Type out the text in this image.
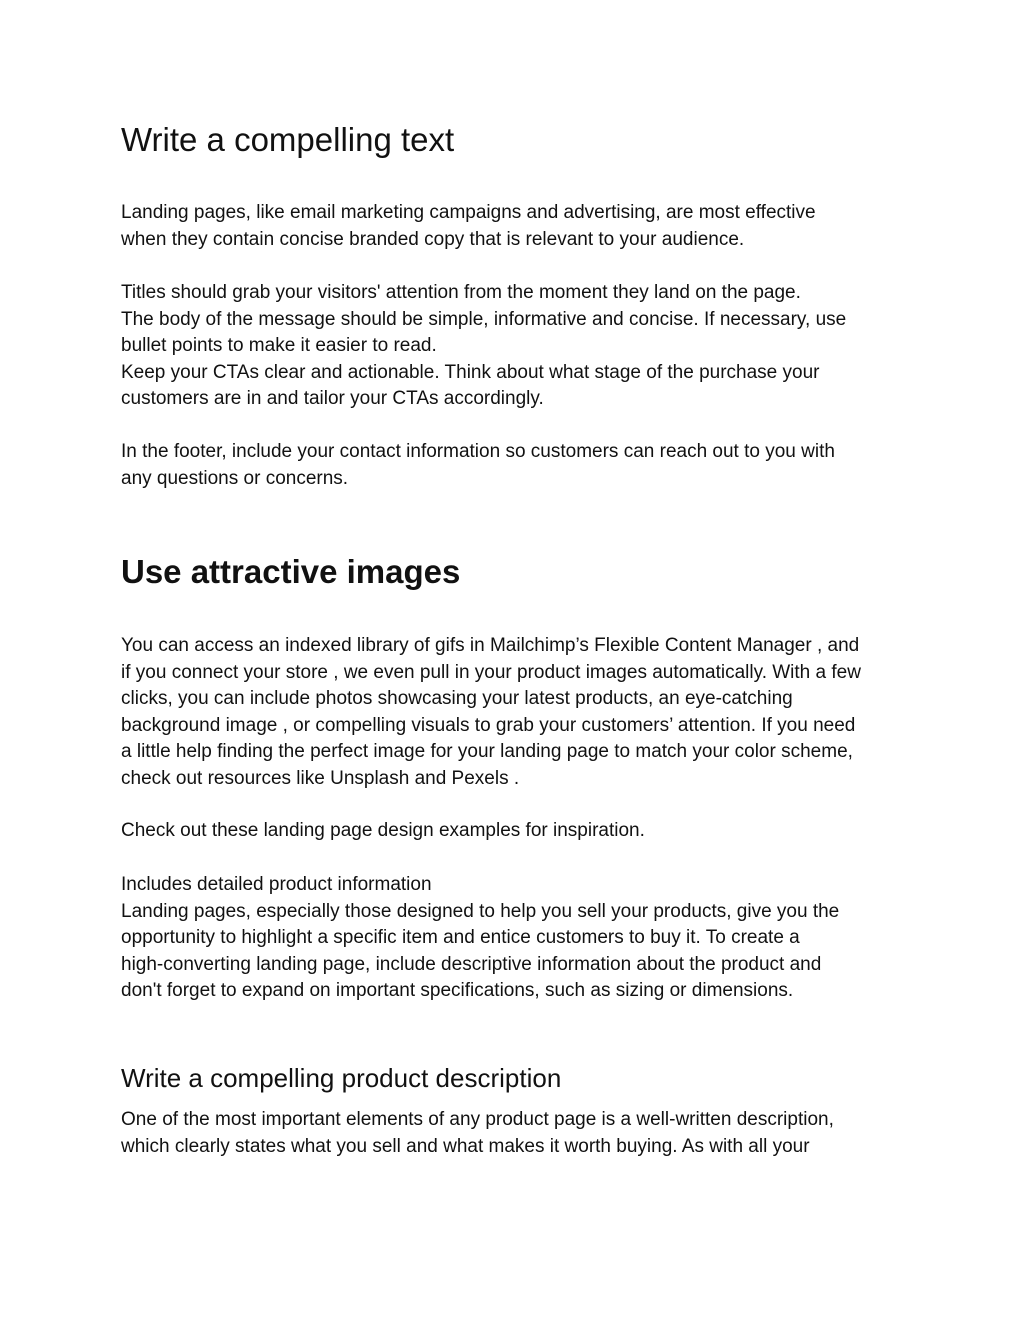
Write a compelling text

Landing pages, like email marketing campaigns and advertising, are most effective
when they contain concise branded copy that is relevant to your audience.

Titles should grab your visitors' attention from the moment they land on the page.
The body of the message should be simple, informative and concise. If necessary, use
bullet points to make it easier to read.
Keep your CTAs clear and actionable. Think about what stage of the purchase your
customers are in and tailor your CTAs accordingly.

In the footer, include your contact information so customers can reach out to you with
any questions or concerns.

Use attractive images

You can access an indexed library of gifs in Mailchimp’s Flexible Content Manager , and
if you connect your store , we even pull in your product images automatically. With a few
clicks, you can include photos showcasing your latest products, an eye-catching
background image , or compelling visuals to grab your customers’ attention. If you need
a little help finding the perfect image for your landing page to match your color scheme,
check out resources like Unsplash and Pexels .

Check out these landing page design examples for inspiration.

Includes detailed product information
Landing pages, especially those designed to help you sell your products, give you the
opportunity to highlight a specific item and entice customers to buy it. To create a
high-converting landing page, include descriptive information about the product and
don't forget to expand on important specifications, such as sizing or dimensions.

Write a compelling product description

One of the most important elements of any product page is a well-written description,
which clearly states what you sell and what makes it worth buying. As with all your
